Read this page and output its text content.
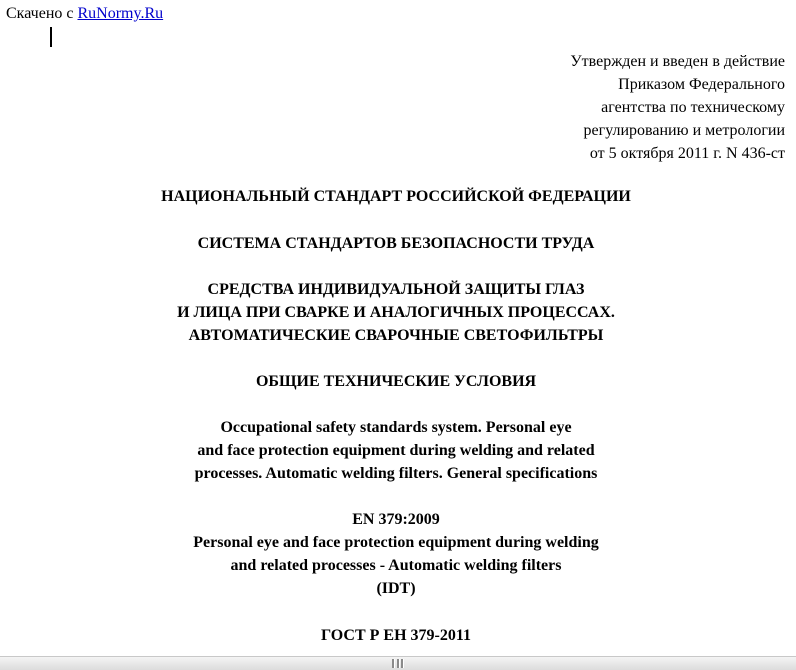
Скачено с RuNormy.Ru
Утвержден и введен в действие
Приказом Федерального
агентства по техническому
регулированию и метрологии
от 5 октября 2011 г. N 436-ст
НАЦИОНАЛЬНЫЙ СТАНДАРТ РОССИЙСКОЙ ФЕДЕРАЦИИ
СИСТЕМА СТАНДАРТОВ БЕЗОПАСНОСТИ ТРУДА
СРЕДСТВА ИНДИВИДУАЛЬНОЙ ЗАЩИТЫ ГЛАЗ
И ЛИЦА ПРИ СВАРКЕ И АНАЛОГИЧНЫХ ПРОЦЕССАХ.
АВТОМАТИЧЕСКИЕ СВАРОЧНЫЕ СВЕТОФИЛЬТРЫ
ОБЩИЕ ТЕХНИЧЕСКИЕ УСЛОВИЯ
Occupational safety standards system. Personal eye
and face protection equipment during welding and related
processes. Automatic welding filters. General specifications
EN 379:2009
Personal eye and face protection equipment during welding
and related processes - Automatic welding filters
(IDT)
ГОСТ Р ЕН 379-2011
